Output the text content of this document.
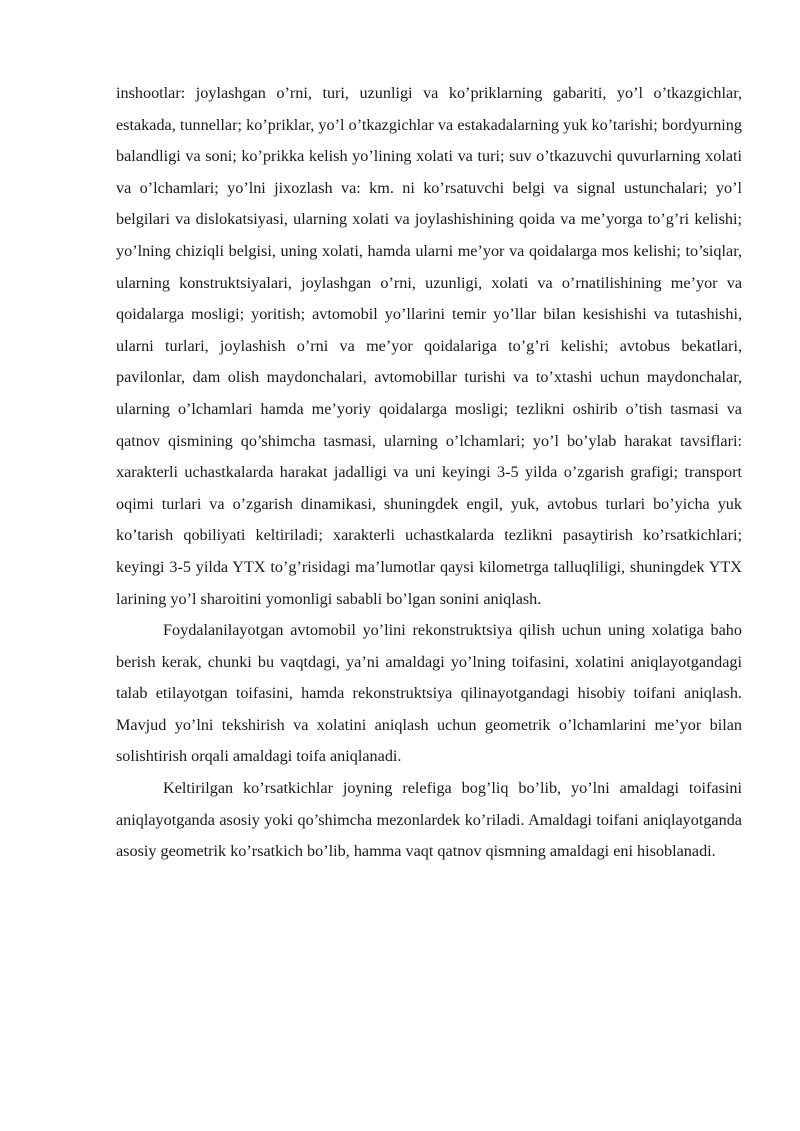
inshootlar: joylashgan o’rni, turi, uzunligi va ko’priklarning gabariti, yo’l o’tkazgichlar, estakada, tunnellar; ko’priklar, yo’l o’tkazgichlar va estakadalarning yuk ko’tarishi; bordyurning balandligi va soni; ko’prikka kelish yo’lining xolati va turi; suv o’tkazuvchi quvurlarning xolati va o’lchamlari; yo’lni jixozlash va: km. ni ko’rsatuvchi belgi va signal ustunchalari; yo’l belgilari va dislokatsiyasi, ularning xolati va joylashishining qoida va me’yorga to’g’ri kelishi; yo’lning chiziqli belgisi, uning xolati, hamda ularni me’yor va qoidalarga mos kelishi; to’siqlar, ularning konstruktsiyalari, joylashgan o’rni, uzunligi, xolati va o’rnatilishining me’yor va qoidalarga mosligi; yoritish; avtomobil yo’llarini temir yo’llar bilan kesishishi va tutashishi, ularni turlari, joylashish o’rni va me’yor qoidalariga to’g’ri kelishi; avtobus bekatlari, pavilonlar, dam olish maydonchalari, avtomobillar turishi va to’xtashi uchun maydonchalar, ularning o’lchamlari hamda me’yoriy qoidalarga mosligi; tezlikni oshirib o’tish tasmasi va qatnov qismining qo’shimcha tasmasi, ularning o’lchamlari; yo’l bo’ylab harakat tavsiflari: xarakterli uchastkalarda harakat jadalligi va uni keyingi 3-5 yilda o’zgarish grafigi; transport oqimi turlari va o’zgarish dinamikasi, shuningdek engil, yuk, avtobus turlari bo’yicha yuk ko’tarish qobiliyati keltiriladi; xarakterli uchastkalarda tezlikni pasaytirish ko’rsatkichlari; keyingi 3-5 yilda YTX to’g’risidagi ma’lumotlar qaysi kilometrga talluqliligi, shuningdek YTX larining yo’l sharoitini yomonligi sababli bo’lgan sonini aniqlash.

Foydalanilayotgan avtomobil yo’lini rekonstruktsiya qilish uchun uning xolatiga baho berish kerak, chunki bu vaqtdagi, ya’ni amaldagi yo’lning toifasini, xolatini aniqlayotgandagi talab etilayotgan toifasini, hamda rekonstruktsiya qilinayotgandagi hisobiy toifani aniqlash. Mavjud yo’lni tekshirish va xolatini aniqlash uchun geometrik o’lchamlarini me’yor bilan solishtirish orqali amaldagi toifa aniqlanadi.

Keltirilgan ko’rsatkichlar joyning relefiga bog’liq bo’lib, yo’lni amaldagi toifasini aniqlayotganda asosiy yoki qo’shimcha mezonlardek ko’riladi. Amaldagi toifani aniqlayotganda asosiy geometrik ko’rsatkich bo’lib, hamma vaqt qatnov qismning amaldagi eni hisoblanadi.
